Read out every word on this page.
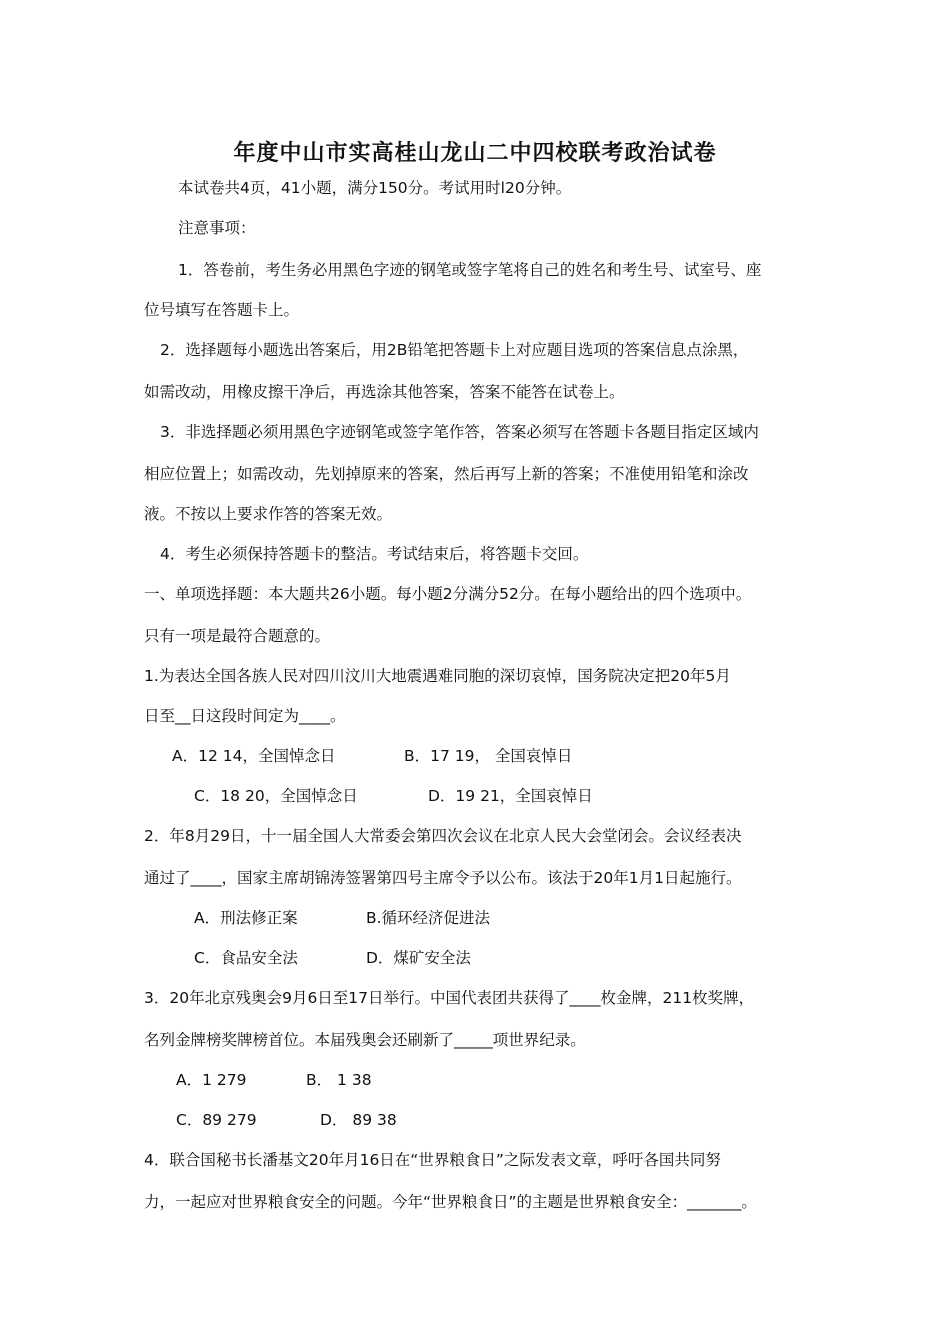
年度中山市实高桂山龙山二中四校联考政治试卷
本试卷共4页，41小题，满分150分。考试用时l20分钟。
注意事项：
1．答卷前，考生务必用黑色字迹的钢笔或签字笔将自己的姓名和考生号、试室号、座
位号填写在答题卡上。
2．选择题每小题选出答案后，用2B铅笔把答题卡上对应题目选项的答案信息点涂黑，
如需改动，用橡皮擦干净后，再选涂其他答案，答案不能答在试卷上。
3．非选择题必须用黑色字迹钢笔或签字笔作答，答案必须写在答题卡各题目指定区域内
相应位置上；如需改动，先划掉原来的答案，然后再写上新的答案；不准使用铅笔和涂改
液。不按以上要求作答的答案无效。
4．考生必须保持答题卡的整洁。考试结束后，将答题卡交回。
一、单项选择题：本大题共26小题。每小题2分满分52分。在每小题给出的四个选项中。
只有一项是最符合题意的。
1.为表达全国各族人民对四川汶川大地震遇难同胞的深切哀悼，国务院决定把20年5月
日至__日这段时间定为____。
A．12 14，全国悼念日	B．17 19， 全国哀悼日
C．18 20，全国悼念日	D．19 21，全国哀悼日
2．年8月29日，十一届全国人大常委会第四次会议在北京人民大会堂闭会。会议经表决
通过了____，国家主席胡锦涛签署第四号主席令予以公布。该法于20年1月1日起施行。
A．刑法修正案	B.循环经济促进法
C．食品安全法	D．煤矿安全法
3．20年北京残奥会9月6日至17日举行。中国代表团共获得了____枚金牌，211枚奖牌，
名列金牌榜奖牌榜首位。本届残奥会还刷新了_____项世界纪录。
A．1 279	B． 1 38
C．89 279	D． 89 38
4．联合国秘书长潘基文20年月16日在“世界粮食日”之际发表文章，呼吁各国共同努
力，一起应对世界粮食安全的问题。今年“世界粮食日”的主题是世界粮食安全：_______。
